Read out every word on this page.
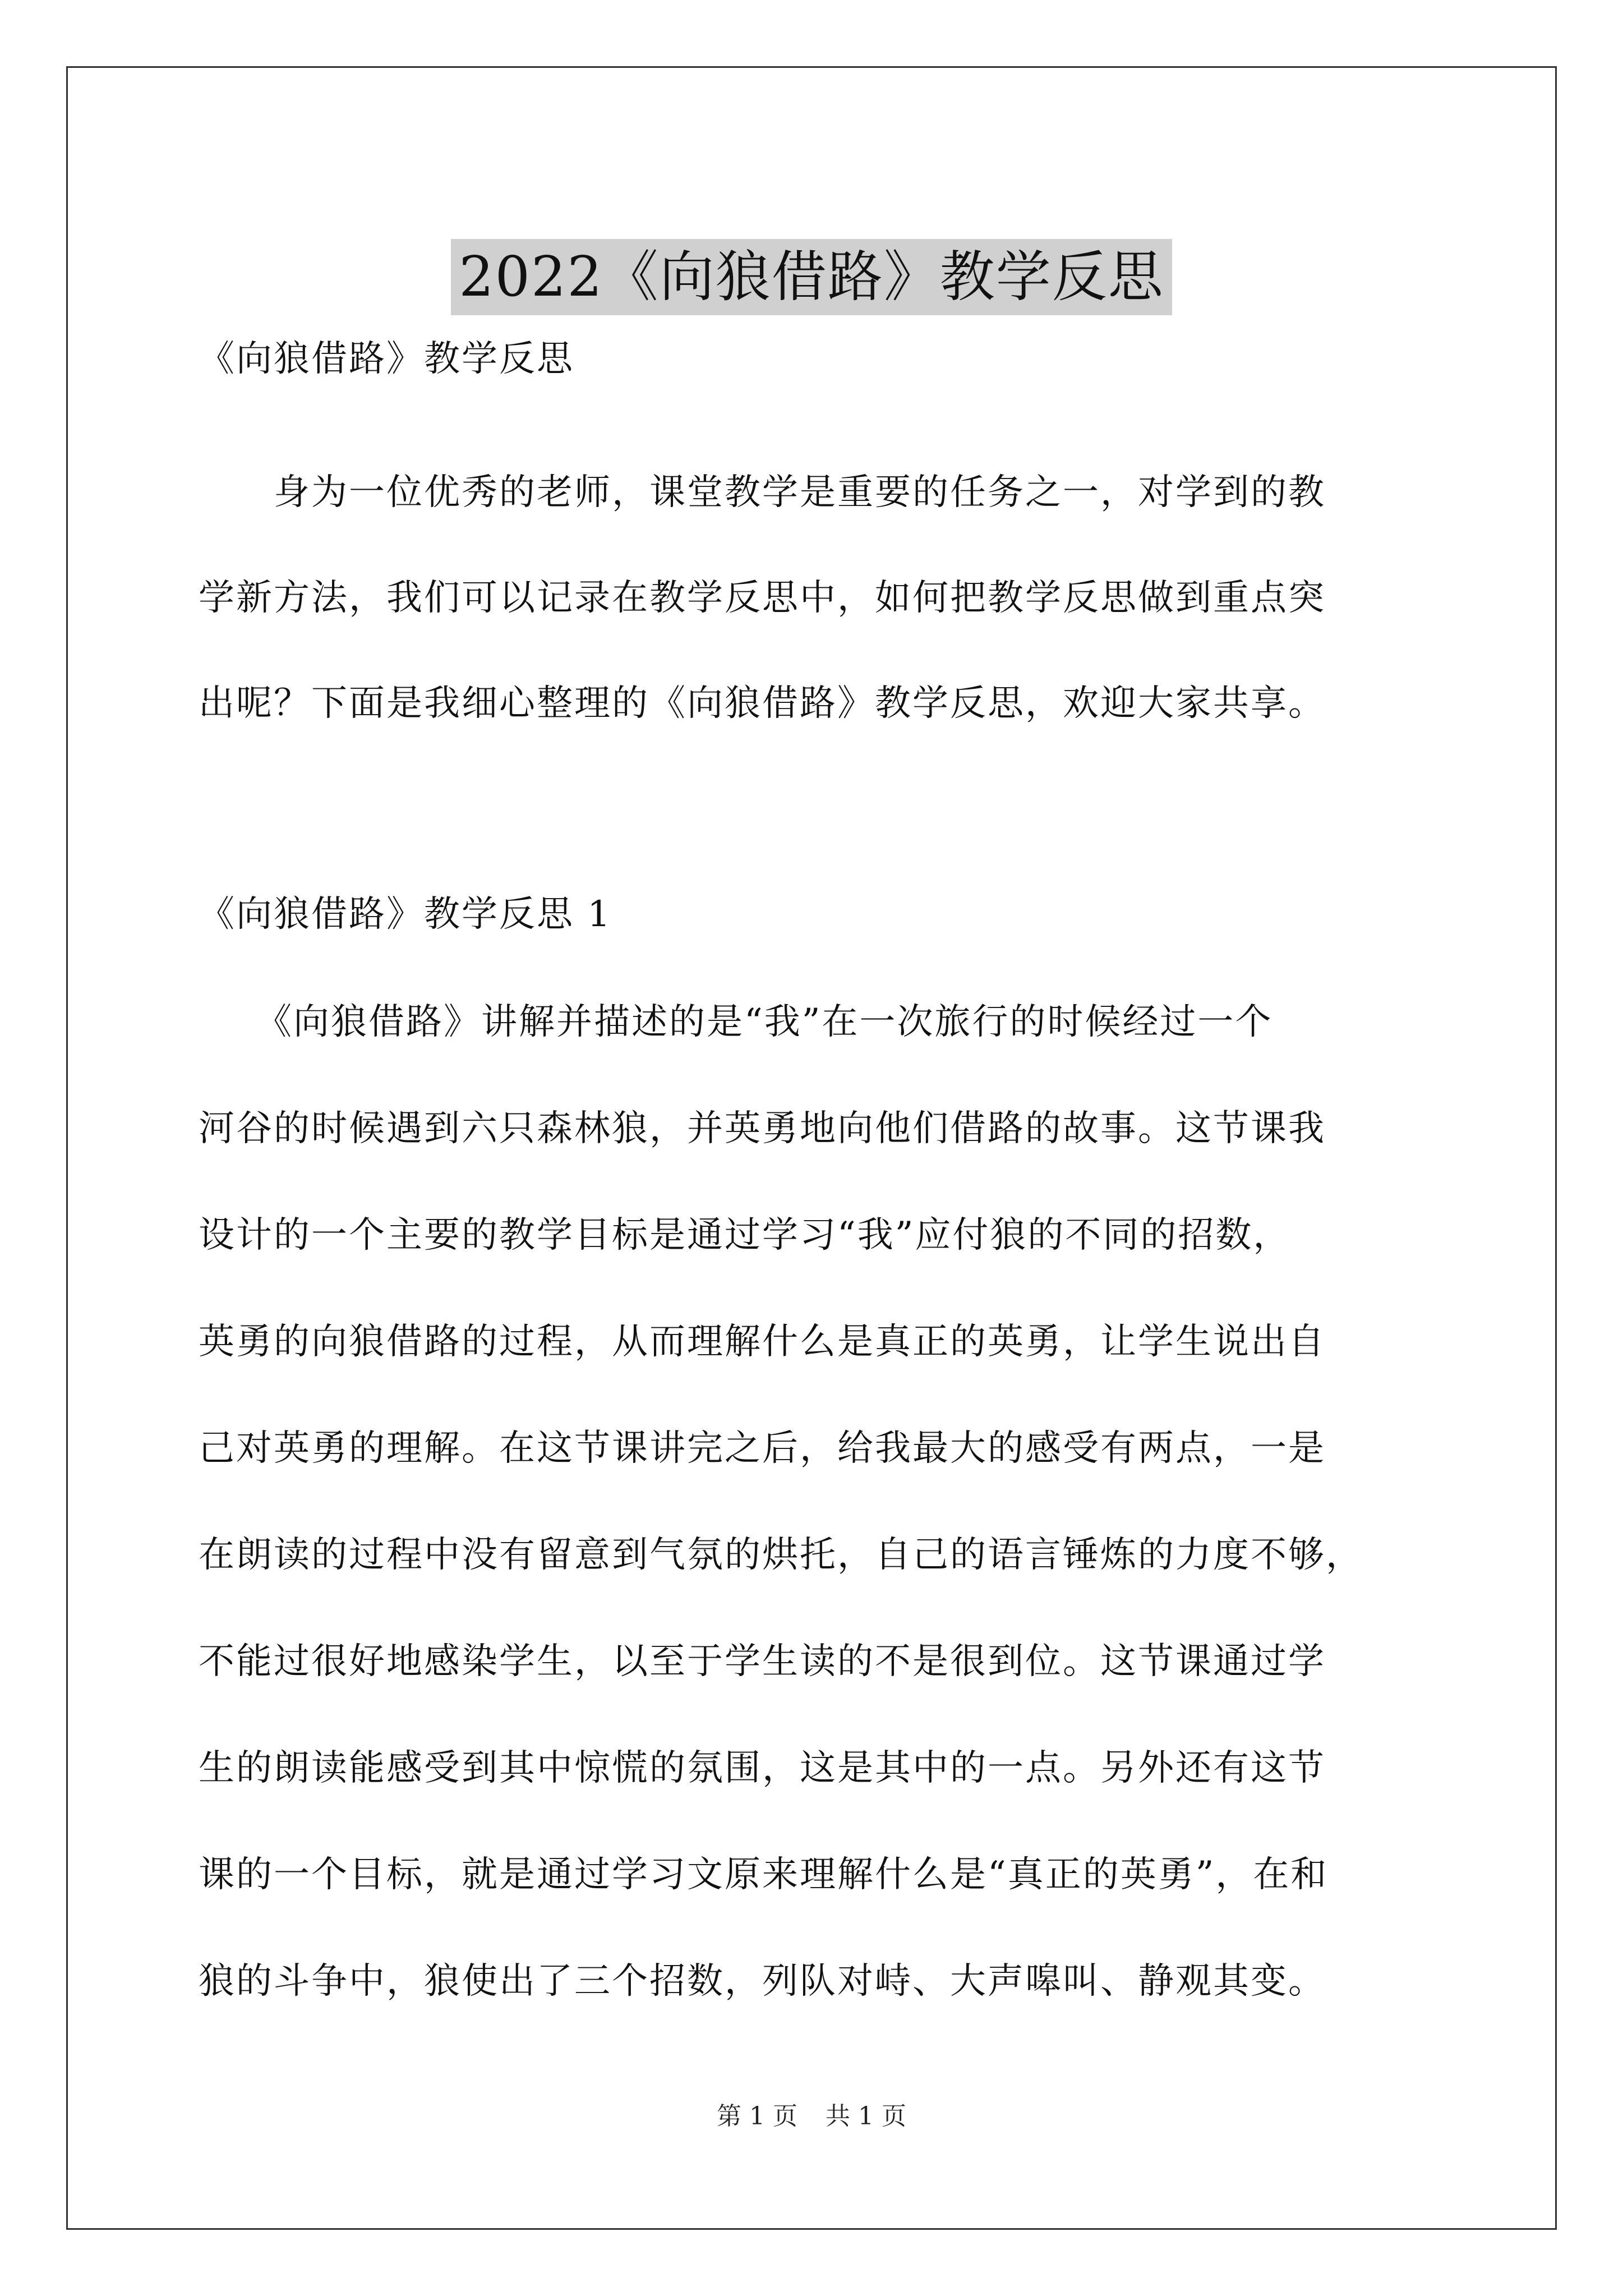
2022《向狼借路》教学反思
《向狼借路》教学反思
　　身为一位优秀的老师，课堂教学是重要的任务之一，对学到的教
学新方法，我们可以记录在教学反思中，如何把教学反思做到重点突
出呢？下面是我细心整理的《向狼借路》教学反思，欢迎大家共享。
《向狼借路》教学反思 1
　　《向狼借路》讲解并描述的是“我”在一次旅行的时候经过一个
河谷的时候遇到六只森林狼，并英勇地向他们借路的故事。这节课我
设计的一个主要的教学目标是通过学习“我”应付狼的不同的招数，
英勇的向狼借路的过程，从而理解什么是真正的英勇，让学生说出自
己对英勇的理解。在这节课讲完之后，给我最大的感受有两点，一是
在朗读的过程中没有留意到气氛的烘托，自己的语言锤炼的力度不够，
不能过很好地感染学生，以至于学生读的不是很到位。这节课通过学
生的朗读能感受到其中惊慌的氛围，这是其中的一点。另外还有这节
课的一个目标，就是通过学习文原来理解什么是“真正的英勇”，在和
狼的斗争中，狼使出了三个招数，列队对峙、大声嗥叫、静观其变。
第 1 页 共 1 页
